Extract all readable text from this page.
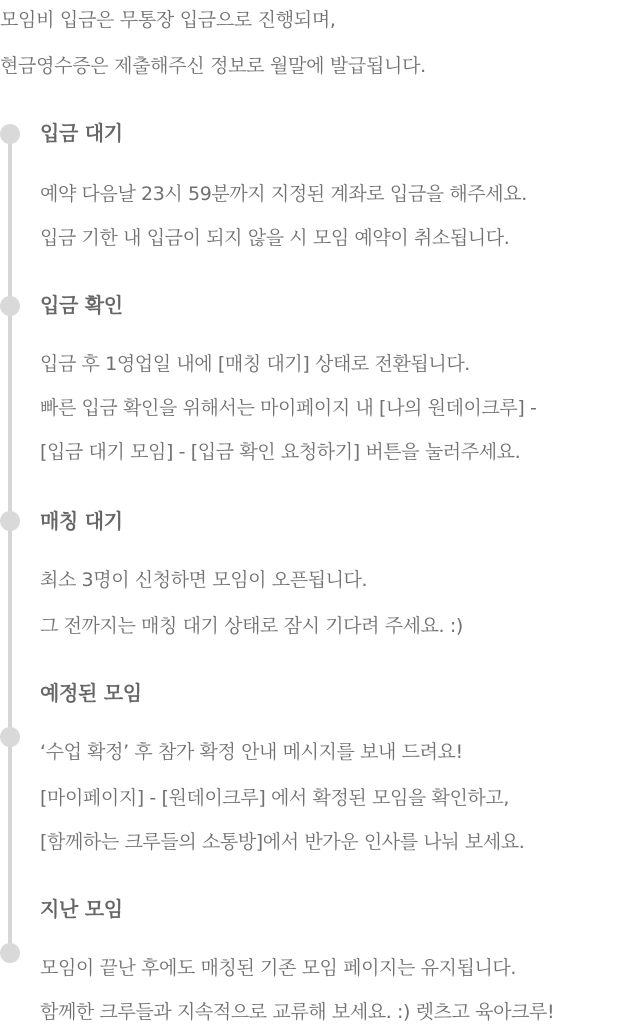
모임비 입금은 무통장 입금으로 진행되며,
현금영수증은 제출해주신 정보로 월말에 발급됩니다.
입금 대기
예약 다음날 23시 59분까지 지정된 계좌로 입금을 해주세요.
입금 기한 내 입금이 되지 않을 시 모임 예약이 취소됩니다.
입금 확인
입금 후 1영업일 내에 [매칭 대기] 상태로 전환됩니다.
빠른 입금 확인을 위해서는 마이페이지 내 [나의 원데이크루] -
[입금 대기 모임] - [입금 확인 요청하기] 버튼을 눌러주세요.
매칭 대기
최소 3명이 신청하면 모임이 오픈됩니다.
그 전까지는 매칭 대기 상태로 잠시 기다려 주세요. :)
예정된 모임
‘수업 확정’ 후 참가 확정 안내 메시지를 보내 드려요!
[마이페이지] - [원데이크루] 에서 확정된 모임을 확인하고,
[함께하는 크루들의 소통방]에서 반가운 인사를 나눠 보세요.
지난 모임
모임이 끝난 후에도 매칭된 기존 모임 페이지는 유지됩니다.
함께한 크루들과 지속적으로 교류해 보세요. :) 렛츠고 육아크루!
